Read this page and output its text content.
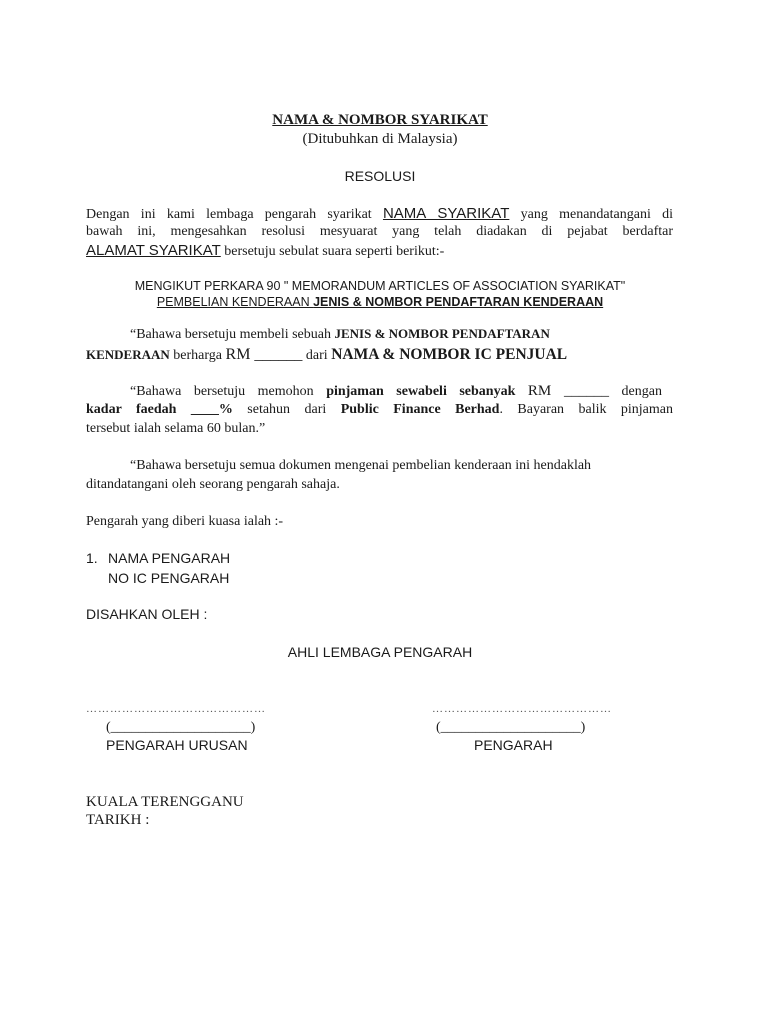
NAMA & NOMBOR SYARIKAT
(Ditubuhkan di Malaysia)
RESOLUSI
Dengan ini kami lembaga pengarah syarikat NAMA SYARIKAT yang menandatangani di
bawah ini, mengesahkan resolusi mesyuarat yang telah diadakan di pejabat berdaftar
ALAMAT SYARIKAT bersetuju sebulat suara seperti berikut:-
MENGIKUT PERKARA 90 " MEMORANDUM ARTICLES OF ASSOCIATION SYARIKAT"
PEMBELIAN KENDERAAN JENIS & NOMBOR PENDAFTARAN KENDERAAN
“Bahawa bersetuju membeli sebuah JENIS & NOMBOR PENDAFTARAN
KENDERAAN berharga RM ______ dari NAMA & NOMBOR IC PENJUAL
“Bahawa bersetuju memohon pinjaman sewabeli sebanyak RM ______ dengan
kadar faedah ____% setahun dari Public Finance Berhad. Bayaran balik pinjaman
tersebut ialah selama 60 bulan.”
“Bahawa bersetuju semua dokumen mengenai pembelian kenderaan ini hendaklah
ditandatangani oleh seorang pengarah sahaja.
Pengarah yang diberi kuasa ialah :-
1. NAMA PENGARAH
NO IC PENGARAH
DISAHKAN OLEH :
AHLI LEMBAGA PENGARAH
………………………………………	………………………………………
(____________________)	(____________________)
PENGARAH URUSAN	PENGARAH
KUALA TERENGGANU
TARIKH :
